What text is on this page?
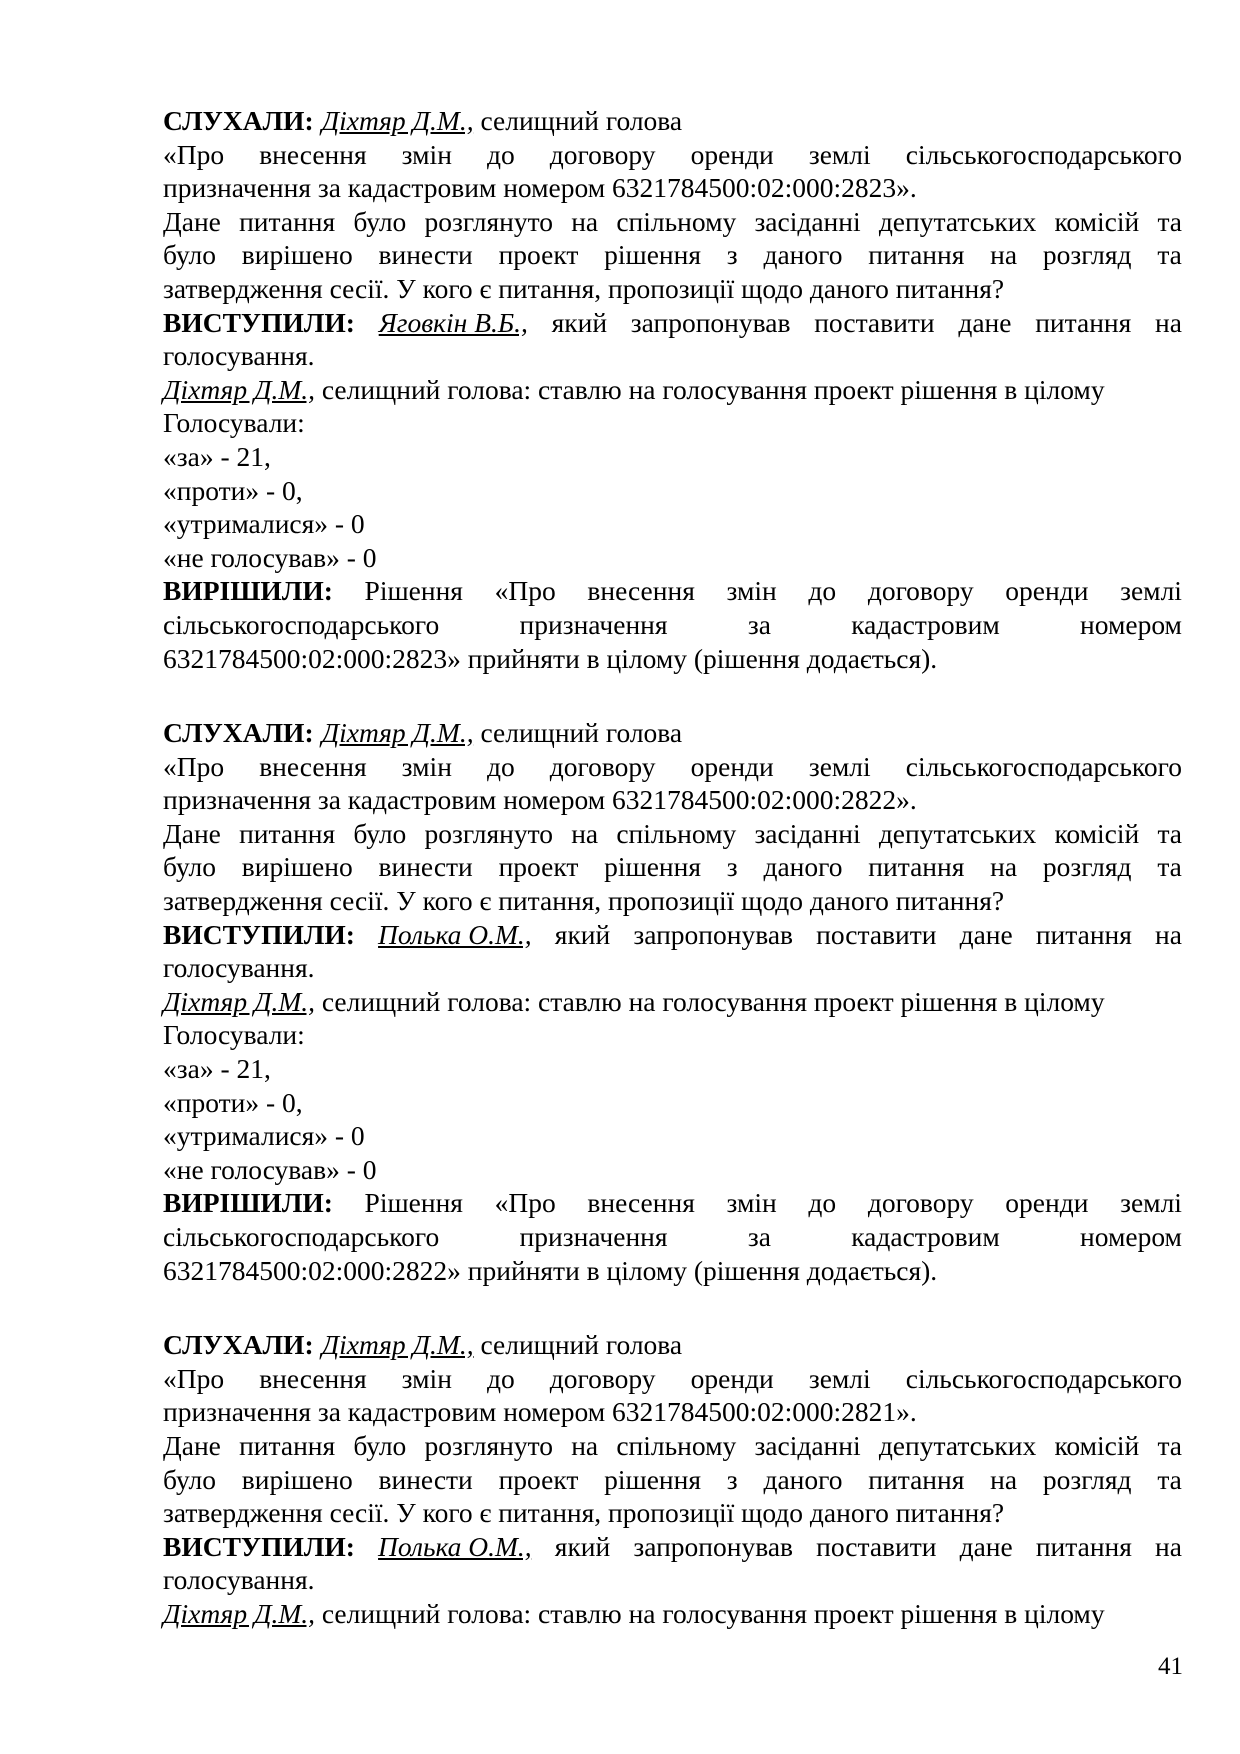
СЛУХАЛИ: Діхтяр Д.М., селищний голова
«Про внесення змін до договору оренди землі сільськогосподарського
призначення за кадастровим номером 6321784500:02:000:2823».
Дане питання було розглянуто на спільному засіданні депутатських комісій та
було вирішено винести проект рішення з даного питання на розгляд та
затвердження сесії. У кого є питання, пропозиції щодо даного питання?
ВИСТУПИЛИ: Яговкін В.Б., який запропонував поставити дане питання на
голосування.
Діхтяр Д.М., селищний голова: ставлю на голосування проект рішення в цілому
Голосували:
«за» - 21,
«проти» - 0,
«утрималися» - 0
«не голосував» - 0
ВИРІШИЛИ: Рішення «Про внесення змін до договору оренди землі
сільськогосподарського	призначення	за	кадастровим	номером
6321784500:02:000:2823» прийняти в цілому (рішення додається).
СЛУХАЛИ: Діхтяр Д.М., селищний голова
«Про внесення змін до договору оренди землі сільськогосподарського
призначення за кадастровим номером 6321784500:02:000:2822».
Дане питання було розглянуто на спільному засіданні депутатських комісій та
було вирішено винести проект рішення з даного питання на розгляд та
затвердження сесії. У кого є питання, пропозиції щодо даного питання?
ВИСТУПИЛИ: Полька О.М., який запропонував поставити дане питання на
голосування.
Діхтяр Д.М., селищний голова: ставлю на голосування проект рішення в цілому
Голосували:
«за» - 21,
«проти» - 0,
«утрималися» - 0
«не голосував» - 0
ВИРІШИЛИ: Рішення «Про внесення змін до договору оренди землі
сільськогосподарського	призначення	за	кадастровим	номером
6321784500:02:000:2822» прийняти в цілому (рішення додається).
СЛУХАЛИ: Діхтяр Д.М., селищний голова
«Про внесення змін до договору оренди землі сільськогосподарського
призначення за кадастровим номером 6321784500:02:000:2821».
Дане питання було розглянуто на спільному засіданні депутатських комісій та
було вирішено винести проект рішення з даного питання на розгляд та
затвердження сесії. У кого є питання, пропозиції щодо даного питання?
ВИСТУПИЛИ: Полька О.М., який запропонував поставити дане питання на
голосування.
Діхтяр Д.М., селищний голова: ставлю на голосування проект рішення в цілому
41
